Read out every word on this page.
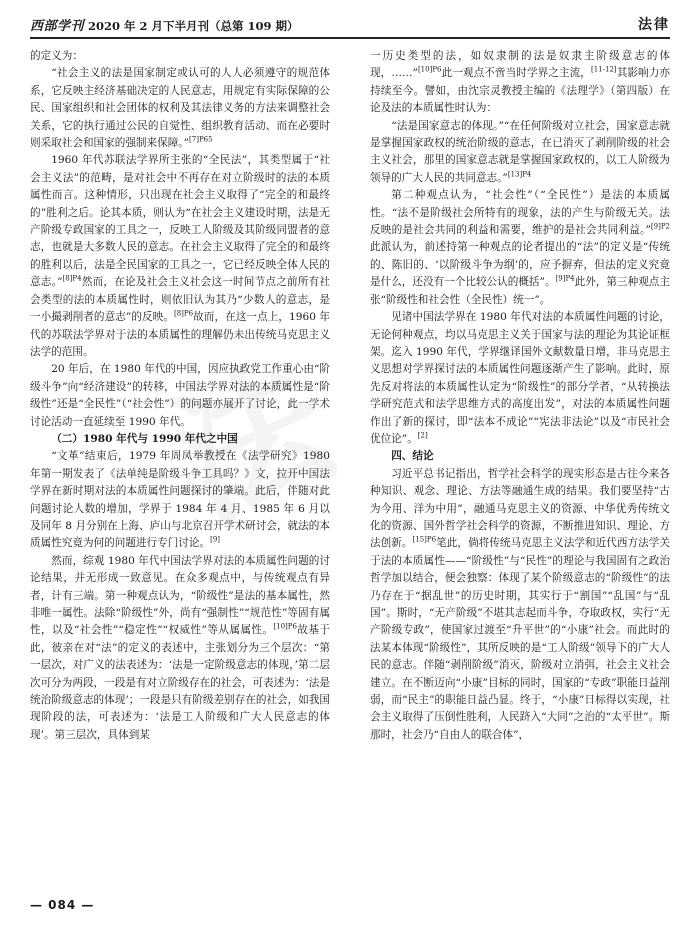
西部学刊 2020 年 2 月下半月刊（总第 109 期）	法律

的定义为：

“社会主义的法是国家制定或认可的人人必须遵守的规范体系，它反映主经济基础决定的人民意志，用规定有实际保障的公民、国家组织和社会团体的权利及其法律义务的方法来调整社会关系，它的执行通过公民的自觉性、组织教育活动、而在必要时则采取社会和国家的强制来保障。”$^{[7]P65}$

1960 年代苏联法学界所主张的“全民法”，其类型属于“社会主义法”的范畴，是对社会中不再存在对立阶级时的法的本质属性而言。这种情形，只出现在社会主义取得了“完全的和最终的”胜利之后。论其本质，则认为“在社会主义建设时期，法是无产阶级专政国家的工具之一，反映工人阶级及其阶级同盟者的意志，也就是大多数人民的意志。在社会主义取得了完全的和最终的胜利以后，法是全民国家的工具之一，它已经反映全体人民的意志。”$^{[8]P4}$然而，在论及社会主义社会这一时间节点之前所有社会类型的法的本质属性时，则依旧认为其乃“少数人的意志，是一小撮剥削者的意志”的反映。$^{[8]P6}$故而，在这一点上，1960 年代的苏联法学界对于法的本质属性的理解仍未出传统马克思主义法学的范围。

20 年后，在 1980 年代的中国，因应执政党工作重心由“阶级斗争”向“经济建设”的转移，中国法学界对法的本质属性是“阶级性”还是“全民性”（“社会性”）的问题亦展开了讨论，此一学术讨论活动一直延续至 1990 年代。

（二）1980 年代与 1990 年代之中国

“文革”结束后，1979 年周凤举教授在《法学研究》1980 年第一期发表了《法单纯是阶级斗争工具吗？》文，拉开中国法学界在新时期对法的本质属性问题探讨的肇端。此后，伴随对此问题讨论人数的增加，学界于 1984 年 4 月、1985 年 6 月以及同年 8 月分别在上海、庐山与北京召开学术研讨会，就法的本质属性究竟为何的问题进行专门讨论。[9]

然而，综观 1980 年代中国法学界对法的本质属性问题的讨论结果，并无形成一致意见。在众多观点中，与传统观点有异者，计有三端。第一种观点认为，“阶级性”是法的基本属性，然非唯一属性。法除“阶级性”外，尚有“强制性”“规范性”等固有属性，以及“社会性”“稳定性”“权威性”等从属属性。$^{[10]P6}$故基于此，彼亲在对“法”的定义的表述中，主张划分为三个层次：“第一层次，对广义的法表述为：‘法是一定阶级意志的体现，’第二层次可分为两段，一段是有对立阶级存在的社会，可表述为：‘法是统治阶级意志的体现’；一段是只有阶级差别存在的社会，如我国现阶段的法，可表述为：‘法是工人阶级和广大人民意志的体现’。第三层次，具体到某

一历史类型的法，如奴隶制的法是奴隶主阶级意志的体现，……”$^{[10]P6}$此一观点不啻当时学界之主流，[11-12]其影响力亦持续至今。譬如，由沈宗灵教授主编的《法理学》（第四版）在论及法的本质属性时认为：

“法是国家意志的体现。”“在任何阶级对立社会，国家意志就是掌握国家政权的统治阶级的意志，在已消灭了剥削阶级的社会主义社会，那里的国家意志就是掌握国家政权的，以工人阶级为领导的广大人民的共同意志。”$^{[13]P4}$

第二种观点认为，“社会性”（“全民性”）是法的本质属性。“法不是阶级社会所特有的现象，法的产生与阶级无关。法反映的是社会共同的利益和需要，维护的是社会共同利益。”$^{[9]P2}$此派认为，前述持第一种观点的论者提出的“法”的定义是“传统的、陈旧的、‘以阶级斗争为纲’的，应予摒弃，但法的定义究竟是什么，还没有一个比较公认的概括”。$^{[9]P4}$此外，第三种观点主张“阶级性和社会性（全民性）统一”。

见诸中国法学界在 1980 年代对法的本质属性问题的讨论，无论何种观点，均以马克思主义关于国家与法的理论为其论证框架。迄入 1990 年代，学界继译国外文献数量日增，非马克思主义思想对学界探讨法的本质属性问题逐渐产生了影响。此时，原先反对将法的本质属性认定为“阶级性”的部分学者，“从转换法学研究范式和法学思维方式的高度出发”，对法的本质属性问题作出了新的探讨，即“法本不成论”“宪法非法论”以及“市民社会优位论”。[2]

四、结论

习近平总书记指出，哲学社会科学的现实形态是古往今来各种知识、观念、理论、方法等融通生成的结果。我们要坚持“古为今用、洋为中用”，融通马克思主义的资源、中华优秀传统文化的资源、国外哲学社会科学的资源，不断推进知识、理论、方法创新。$^{[15]P6}$笔此，倘将传统马克思主义法学和近代西方法学关于法的本质属性——“阶级性”与“民性”的理论与我国固有之政治哲学加以结合，便会独察：体现了某个阶级意志的“阶级性”的法乃存在于“据乱世”的历史时期，其实行于“割国”“乱国”与“乱国”。斯时，“无产阶级”不堪其志起而斗争，夺取政权，实行“无产阶级专政”，使国家过渡至“升平世”的“小康”社会。而此时的法某本体现“阶级性”，其所反映的是“工人阶级”领导下的广大人民的意志。伴随“剥削阶级”消灭，阶级对立消弭，社会主义社会建立。在不断迈向“小康”目标的同时，国家的“专政”职能日益削弱，而“民主”的职能日益凸显。终于，“小康”日标得以实现，社会主义取得了压倒性胜利，人民跻入“大同”之治的“太平世”。斯那时，社会乃“自由人的联合体”，

— 084 —
